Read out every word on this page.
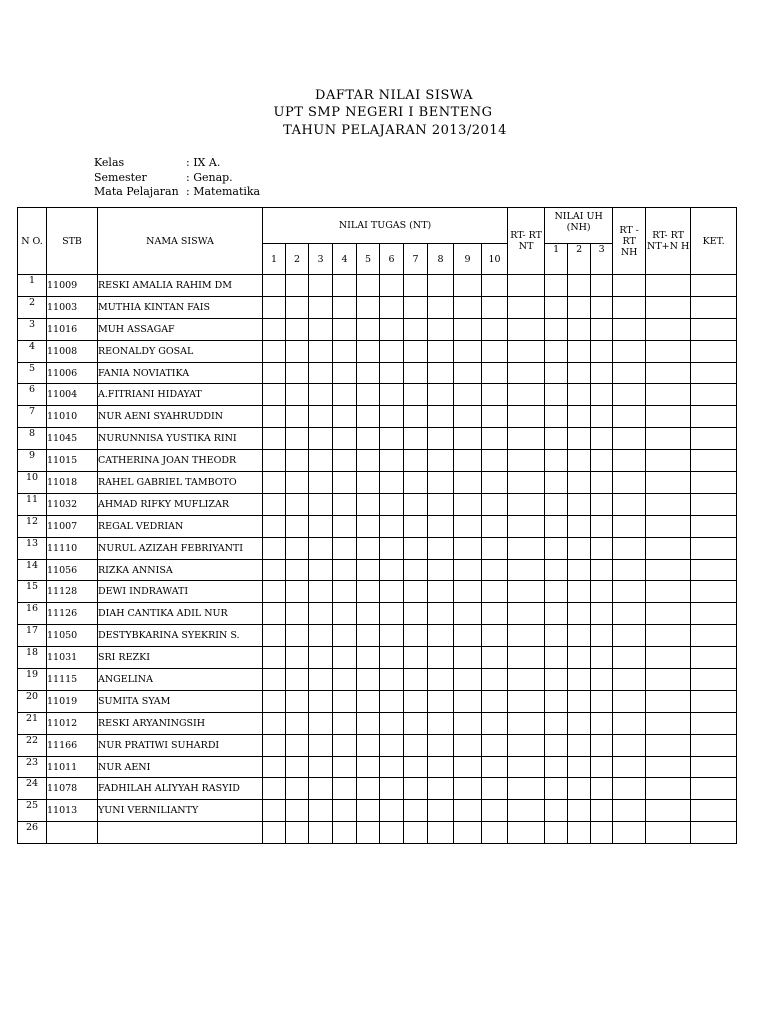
DAFTAR NILAI SISWA
UPT SMP NEGERI I BENTENG
TAHUN PELAJARAN 2013/2014
Kelas	: IX A.
Semester	: Genap.
Mata Pelajaran : Matematika
N O.	STB	NAMA SISWA	NILAI TUGAS (NT)										RT- RT NT	NILAI UH (NH)			RT - RT NH	RT- RT NT+N H	KET.
			1	2	3	4	5	6	7	8	9	10		1	2	3			
1	11009	RESKI AMALIA RAHIM DM																	
2	11003	MUTHIA KINTAN FAIS																	
3	11016	MUH ASSAGAF																	
4	11008	REONALDY GOSAL																	
5	11006	FANIA NOVIATIKA																	
6	11004	A.FITRIANI HIDAYAT																	
7	11010	NUR AENI SYAHRUDDIN																	
8	11045	NURUNNISA YUSTIKA RINI																	
9	11015	CATHERINA JOAN THEODR																	
10	11018	RAHEL GABRIEL TAMBOTO																	
11	11032	AHMAD RIFKY MUFLIZAR																	
12	11007	REGAL VEDRIAN																	
13	11110	NURUL AZIZAH FEBRIYANTI																	
14	11056	RIZKA ANNISA																	
15	11128	DEWI INDRAWATI																	
16	11126	DIAH CANTIKA ADIL NUR																	
17	11050	DESTYBKARINA SYEKRIN S.																	
18	11031	SRI REZKI																	
19	11115	ANGELINA																	
20	11019	SUMITA SYAM																	
21	11012	RESKI ARYANINGSIH																	
22	11166	NUR PRATIWI SUHARDI																	
23	11011	NUR AENI																	
24	11078	FADHILAH ALIYYAH RASYID																	
25	11013	YUNI VERNILIANTY																	
26																			
